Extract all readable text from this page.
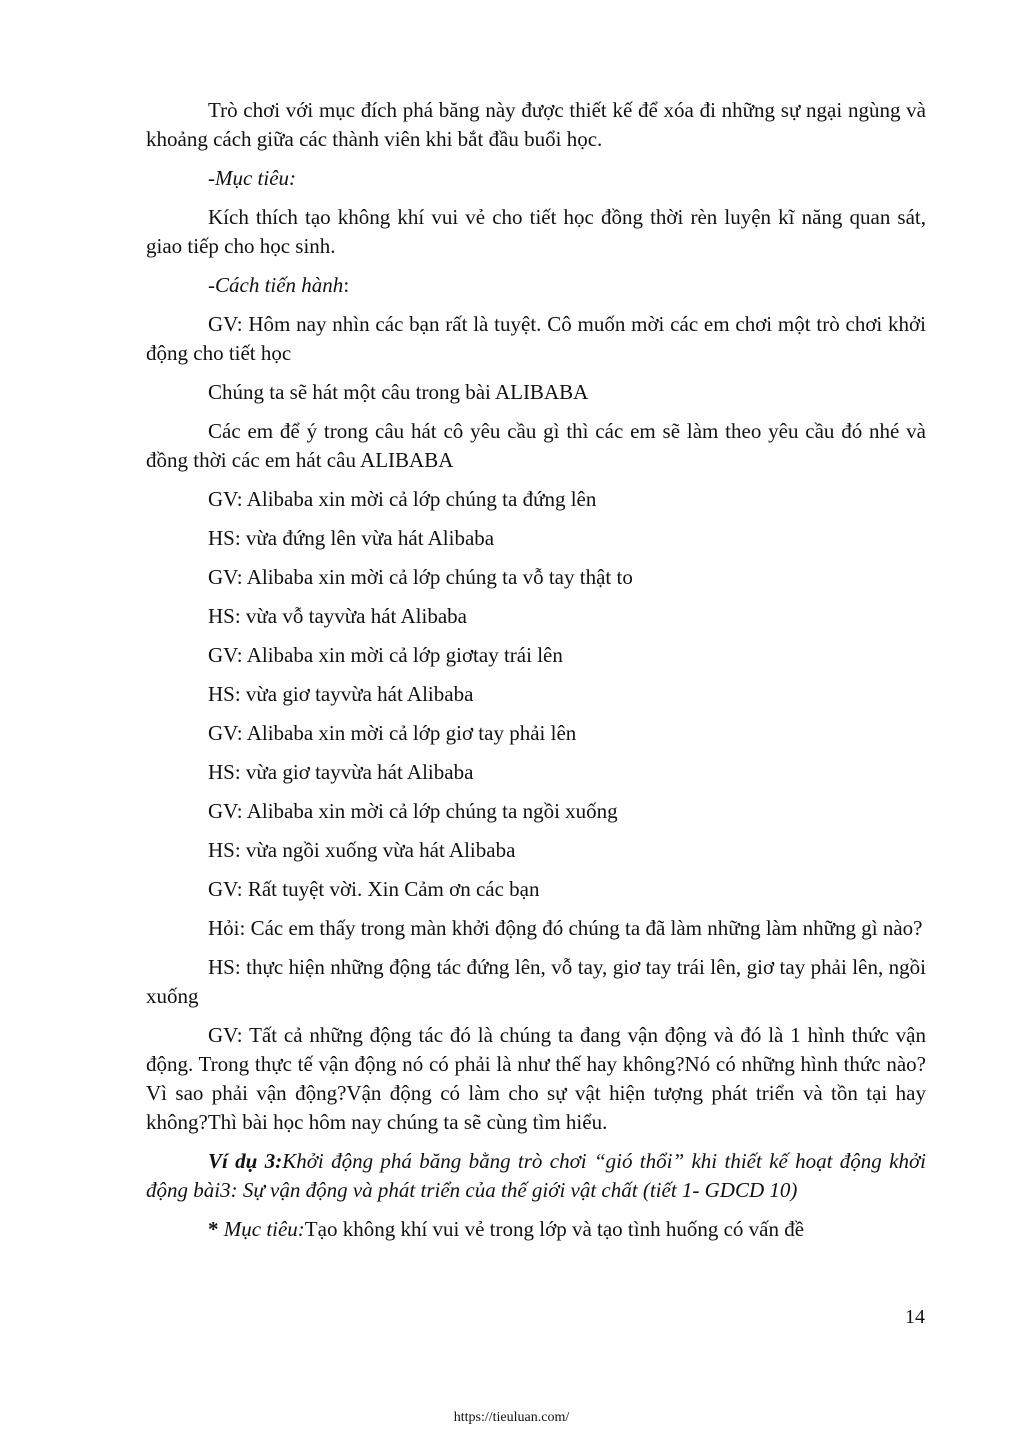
Trò chơi với mục đích phá băng này được thiết kế để xóa đi những sự ngại ngùng và khoảng cách giữa các thành viên khi bắt đầu buổi học.

-Mục tiêu:

Kích thích tạo không khí vui vẻ cho tiết học đồng thời rèn luyện kĩ năng quan sát, giao tiếp cho học sinh.

-Cách tiến hành:

GV: Hôm nay nhìn các bạn rất là tuyệt. Cô muốn mời các em chơi một trò chơi khởi động cho tiết học

Chúng ta sẽ hát một câu trong bài ALIBABA

Các em để ý trong câu hát cô yêu cầu gì thì các em sẽ làm theo yêu cầu đó nhé và đồng thời các em hát câu ALIBABA

GV: Alibaba xin mời cả lớp chúng ta đứng lên

HS: vừa đứng lên vừa hát Alibaba

GV: Alibaba xin mời cả lớp chúng ta vỗ tay thật to

HS: vừa vỗ tayvừa hát Alibaba

GV: Alibaba xin mời cả lớp giơtay trái lên

HS: vừa giơ tayvừa hát Alibaba

GV: Alibaba xin mời cả lớp giơ tay phải lên

HS: vừa giơ tayvừa hát Alibaba

GV: Alibaba xin mời cả lớp chúng ta ngồi xuống

HS: vừa ngồi xuống vừa hát Alibaba

GV: Rất tuyệt vời. Xin Cảm ơn các bạn

Hỏi: Các em thấy trong màn khởi động đó chúng ta đã làm những làm những gì nào?

HS: thực hiện những động tác đứng lên, vỗ tay, giơ tay trái lên, giơ tay phải lên, ngồi xuống

GV: Tất cả những động tác đó là chúng ta đang vận động và đó là 1 hình thức vận động. Trong thực tế vận động nó có phải là như thế hay không?Nó có những hình thức nào?Vì sao phải vận động?Vận động có làm cho sự vật hiện tượng phát triển và tồn tại hay không?Thì bài học hôm nay chúng ta sẽ cùng tìm hiểu.

Ví dụ 3:Khởi động phá băng bằng trò chơi “gió thổi” khi thiết kế hoạt động khởi động bài3: Sự vận động và phát triển của thế giới vật chất (tiết 1- GDCD 10)

* Mục tiêu:Tạo không khí vui vẻ trong lớp và tạo tình huống có vấn đề

14
https://tieuluan.com/
